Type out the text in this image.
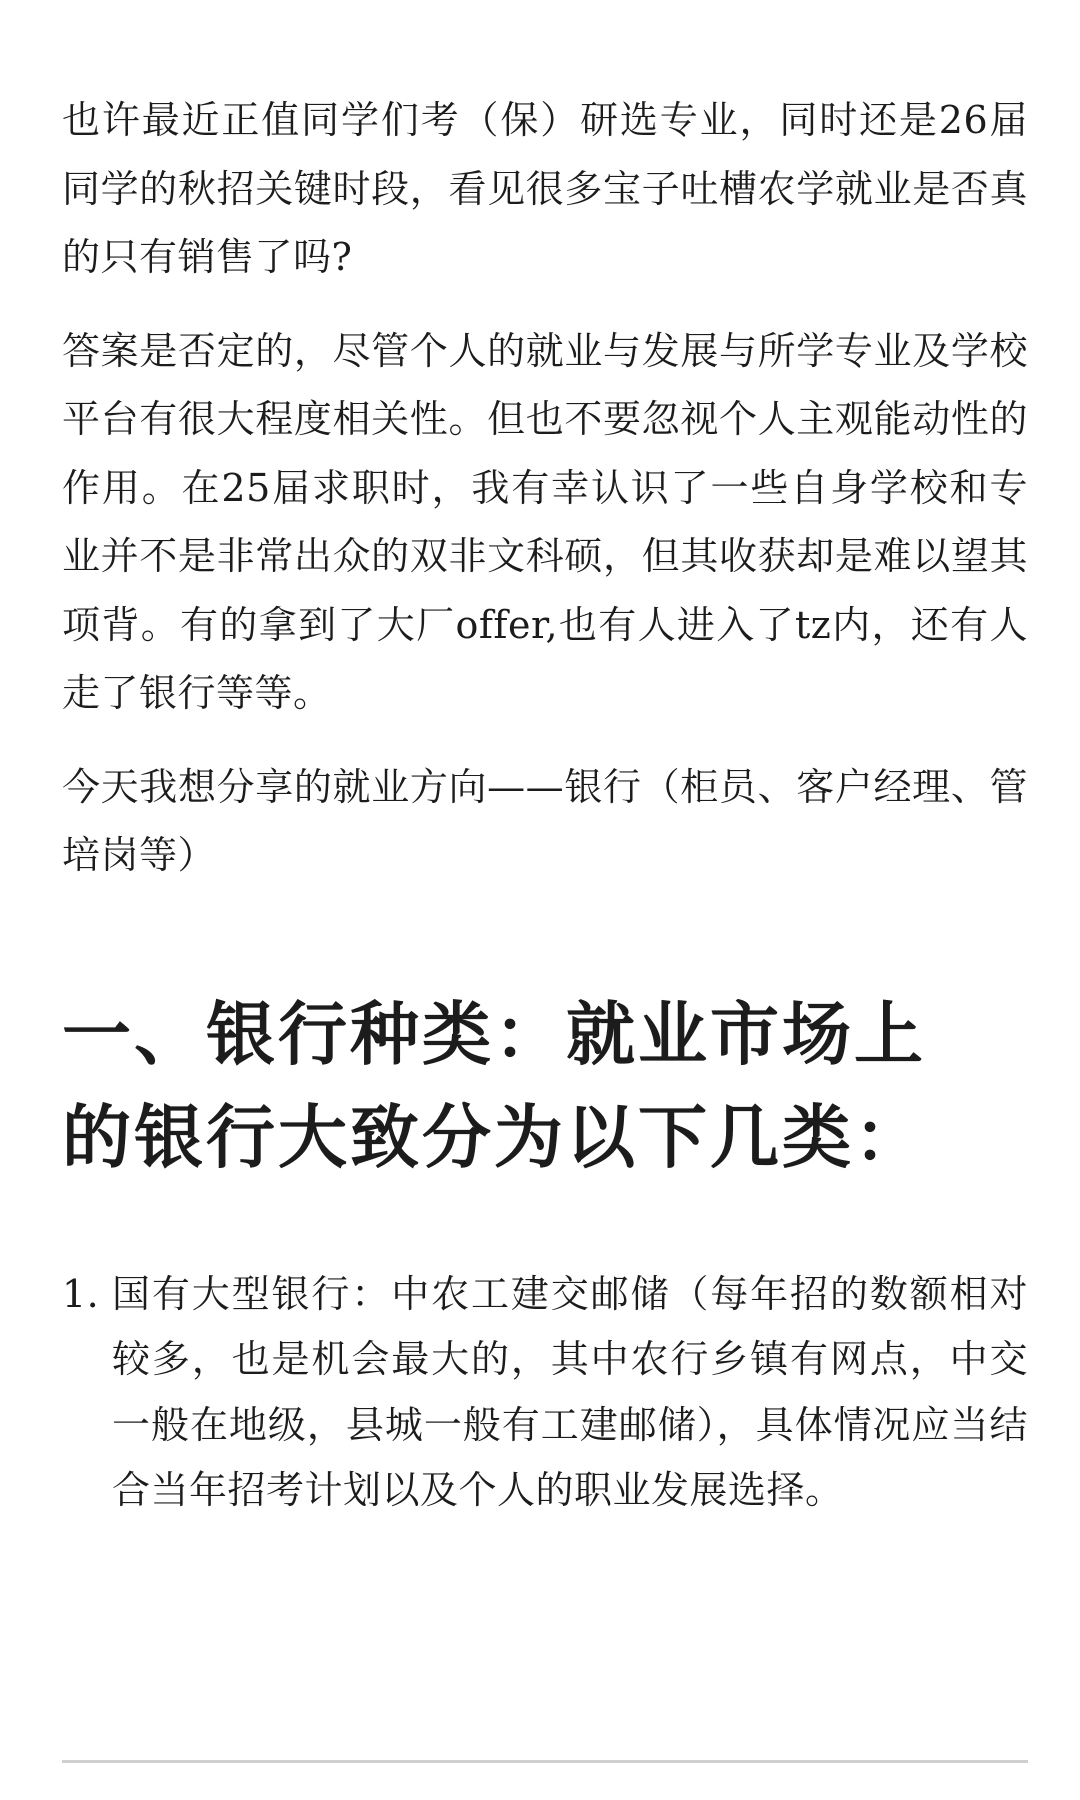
也许最近正值同学们考（保）研选专业，同时还是26届同学的秋招关键时段，看见很多宝子吐槽农学就业是否真的只有销售了吗?

答案是否定的，尽管个人的就业与发展与所学专业及学校平台有很大程度相关性。但也不要忽视个人主观能动性的作用。在25届求职时，我有幸认识了一些自身学校和专业并不是非常出众的双非文科硕，但其收获却是难以望其项背。有的拿到了大厂offer,也有人进入了tz内，还有人走了银行等等。

今天我想分享的就业方向——银行（柜员、客户经理、管培岗等）

一、银行种类：就业市场上的银行大致分为以下几类：
1. 国有大型银行：中农工建交邮储（每年招的数额相对较多，也是机会最大的，其中农行乡镇有网点，中交一般在地级，县城一般有工建邮储），具体情况应当结合当年招考计划以及个人的职业发展选择。
